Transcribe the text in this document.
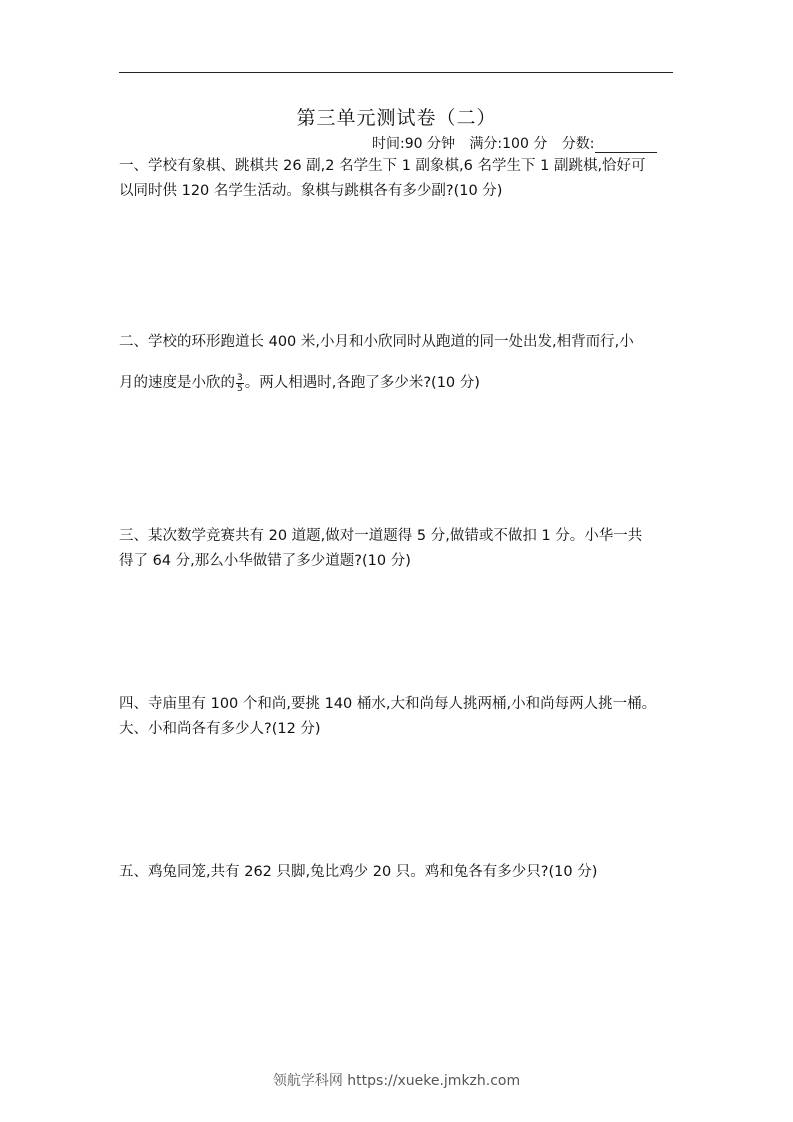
第三单元测试卷（二）
时间:90 分钟 满分:100 分 分数:

一、学校有象棋、跳棋共 26 副,2 名学生下 1 副象棋,6 名学生下 1 副跳棋,恰好可

以同时供 120 名学生活动。象棋与跳棋各有多少副?(10 分)

二、学校的环形跑道长 400 米,小月和小欣同时从跑道的同一处出发,相背而行,小

月的速度是小欣的 $\frac{3}{5}$ 。两人相遇时,各跑了多少米?(10 分)

三、某次数学竞赛共有 20 道题,做对一道题得 5 分,做错或不做扣 1 分。小华一共

得了 64 分,那么小华做错了多少道题?(10 分)

四、寺庙里有 100 个和尚,要挑 140 桶水,大和尚每人挑两桶,小和尚每两人挑一桶。

大、小和尚各有多少人?(12 分)

五、鸡兔同笼,共有 262 只脚,兔比鸡少 20 只。鸡和兔各有多少只?(10 分)

领航学科网 https://xueke.jmkzh.com
